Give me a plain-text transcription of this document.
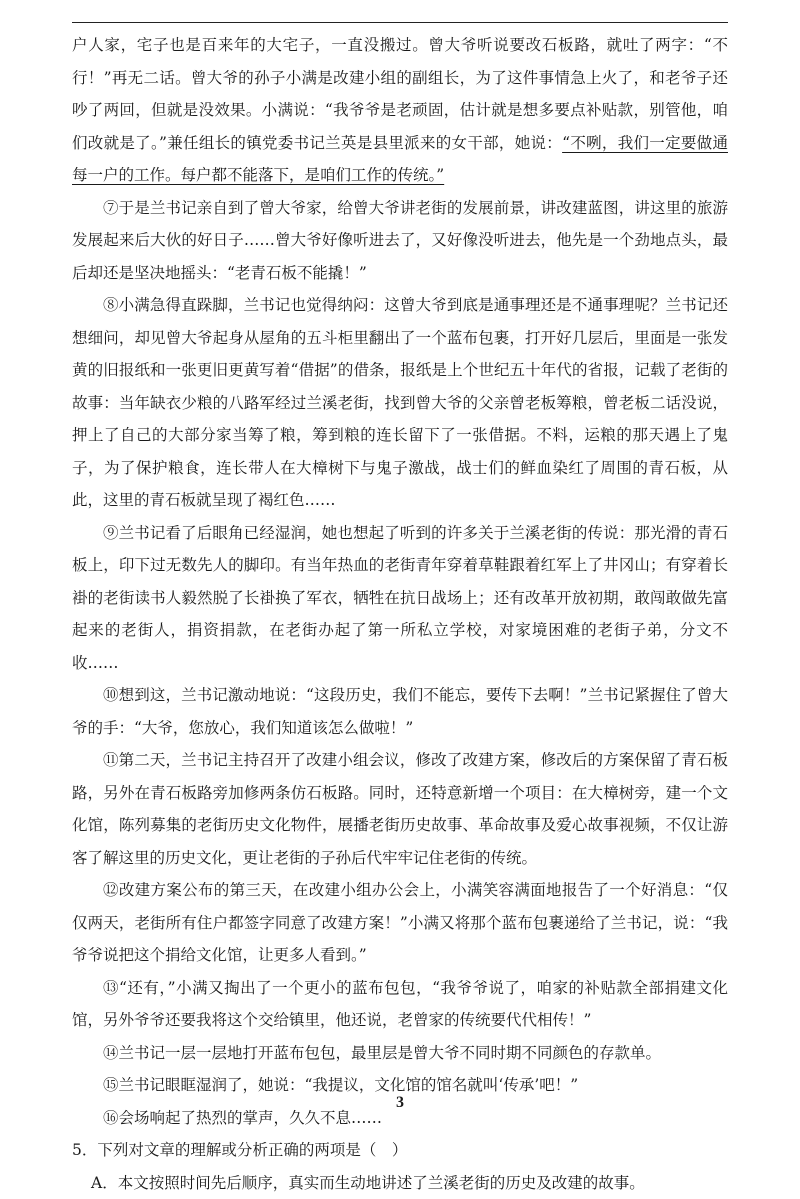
户人家，宅子也是百来年的大宅子，一直没搬过。曾大爷听说要改石板路，就吐了两字：“不行！”再无二话。曾大爷的孙子小满是改建小组的副组长，为了这件事情急上火了，和老爷子还吵了两回，但就是没效果。小满说：“我爷爷是老顽固，估计就是想多要点补贴款，别管他，咱们改就是了。”兼任组长的镇党委书记兰英是县里派来的女干部，她说：“不咧，我们一定要做通每一户的工作。每户都不能落下，是咱们工作的传统。”

⑦于是兰书记亲自到了曾大爷家，给曾大爷讲老街的发展前景，讲改建蓝图，讲这里的旅游发展起来后大伙的好日子……曾大爷好像听进去了，又好像没听进去，他先是一个劲地点头，最后却还是坚决地摇头：“老青石板不能撬！”

⑧小满急得直跺脚，兰书记也觉得纳闷：这曾大爷到底是通事理还是不通事理呢？兰书记还想细问，却见曾大爷起身从屋角的五斗柜里翻出了一个蓝布包裹，打开好几层后，里面是一张发黄的旧报纸和一张更旧更黄写着“借据”的借条，报纸是上个世纪五十年代的省报，记载了老街的故事：当年缺衣少粮的八路军经过兰溪老街，找到曾大爷的父亲曾老板筹粮，曾老板二话没说，押上了自己的大部分家当筹了粮，筹到粮的连长留下了一张借据。不料，运粮的那天遇上了鬼子，为了保护粮食，连长带人在大樟树下与鬼子激战，战士们的鲜血染红了周围的青石板，从此，这里的青石板就呈现了褐红色……

⑨兰书记看了后眼角已经湿润，她也想起了听到的许多关于兰溪老街的传说：那光滑的青石板上，印下过无数先人的脚印。有当年热血的老街青年穿着草鞋跟着红军上了井冈山；有穿着长褂的老街读书人毅然脱了长褂换了军衣，牺牲在抗日战场上；还有改革开放初期，敢闯敢做先富起来的老街人，捐资捐款，在老街办起了第一所私立学校，对家境困难的老街子弟，分文不收……

⑩想到这，兰书记激动地说：“这段历史，我们不能忘，要传下去啊！”兰书记紧握住了曾大爷的手：“大爷，您放心，我们知道该怎么做啦！”

⑪第二天，兰书记主持召开了改建小组会议，修改了改建方案，修改后的方案保留了青石板路，另外在青石板路旁加修两条仿石板路。同时，还特意新增一个项目：在大樟树旁，建一个文化馆，陈列募集的老街历史文化物件，展播老街历史故事、革命故事及爱心故事视频，不仅让游客了解这里的历史文化，更让老街的子孙后代牢牢记住老街的传统。

⑫改建方案公布的第三天，在改建小组办公会上，小满笑容满面地报告了一个好消息：“仅仅两天，老街所有住户都签字同意了改建方案！”小满又将那个蓝布包裹递给了兰书记，说：“我爷爷说把这个捐给文化馆，让更多人看到。”

⑬“还有，”小满又掏出了一个更小的蓝布包包，“我爷爷说了，咱家的补贴款全部捐建文化馆，另外爷爷还要我将这个交给镇里，他还说，老曾家的传统要代代相传！”

⑭兰书记一层一层地打开蓝布包包，最里层是曾大爷不同时期不同颜色的存款单。

⑮兰书记眼眶湿润了，她说：“我提议，文化馆的馆名就叫‘传承’吧！”

⑯会场响起了热烈的掌声，久久不息……

5．下列对文章的理解或分析正确的两项是（　）

A．本文按照时间先后顺序，真实而生动地讲述了兰溪老街的历史及改建的故事。

3
